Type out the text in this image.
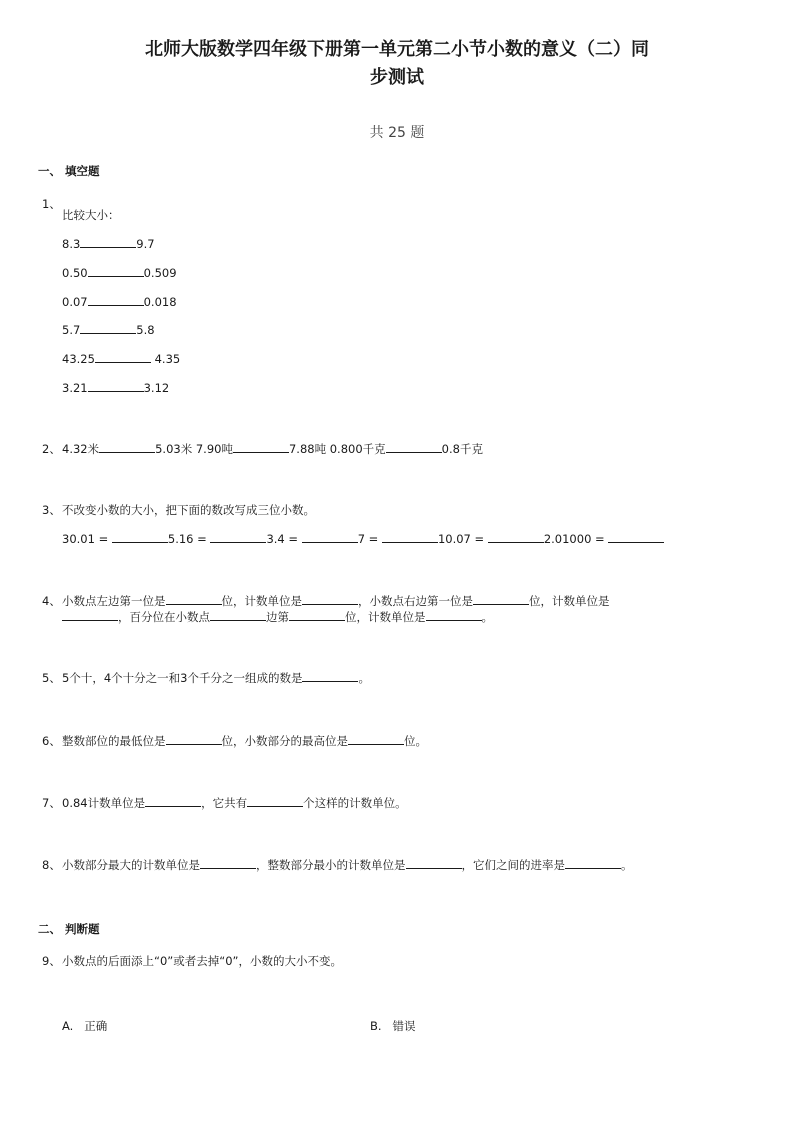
北师大版数学四年级下册第一单元第二小节小数的意义（二）同
步测试
共 25 题
一、 填空题
1、
比较大小：
8.3	9.7
0.50	0.509
0.07	0.018
5.7	5.8
43.25	4.35
3.21	3.12
2、 4.32米	5.03米 7.90吨	7.88吨 0.800千克	0.8千克
3、 不改变小数的大小，把下面的数改写成三位小数。
30.01 =	5.16 =	3.4 =	7 =	10.07 =	2.01000 =
4、 小数点左边第一位是	位，计数单位是	，小数点右边第一位是	位，计数单位是
，百分位在小数点	边第	位，计数单位是	。
5、 5个十，4个十分之一和3个千分之一组成的数是	。
6、 整数部位的最低位是	位，小数部分的最高位是	位。
7、 0.84计数单位是	，它共有	个这样的计数单位。
8、 小数部分最大的计数单位是	，整数部分最小的计数单位是	，它们之间的进率是	。
二、 判断题
9、 小数点的后面添上“0”或者去掉“0”，小数的大小不变。
A. 正确	B. 错误
